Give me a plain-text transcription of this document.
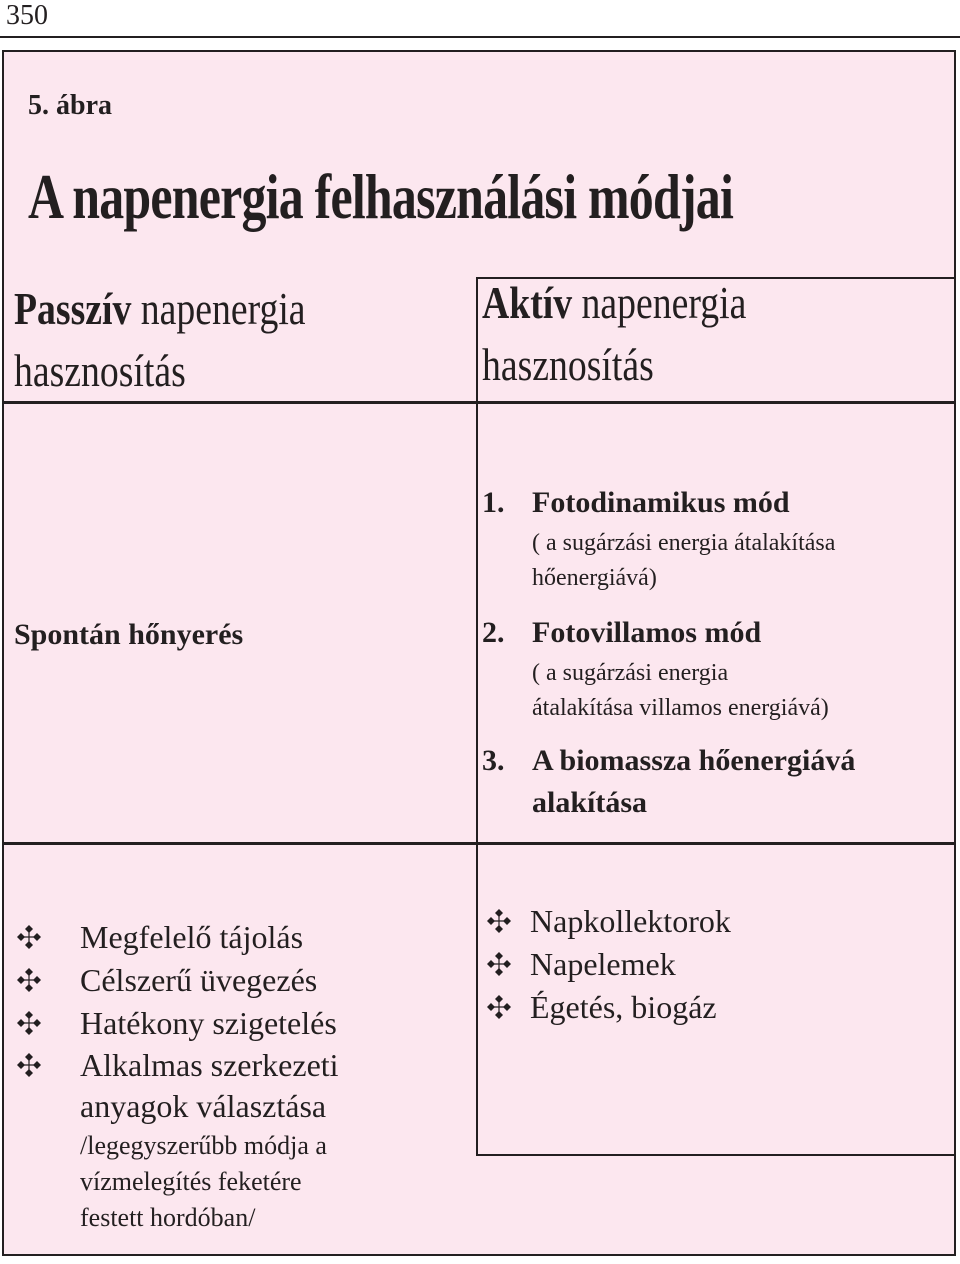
350
5. ábra
A napenergia felhasználási módjai
Passzív napenergia
hasznosítás
Aktív napenergia
hasznosítás
Spontán hőnyerés
1. Fotodinamikus mód
( a sugárzási energia átalakítása
hőenergiává)
2. Fotovillamos mód
( a sugárzási energia
átalakítása villamos energiává)
3. A biomassza hőenergiává
alakítása
Megfelelő tájolás
Célszerű üvegezés
Hatékony szigetelés
Alkalmas szerkezeti
anyagok választása
/legegyszerűbb módja a
vízmelegítés feketére
festett hordóban/
Napkollektorok
Napelemek
Égetés, biogáz
